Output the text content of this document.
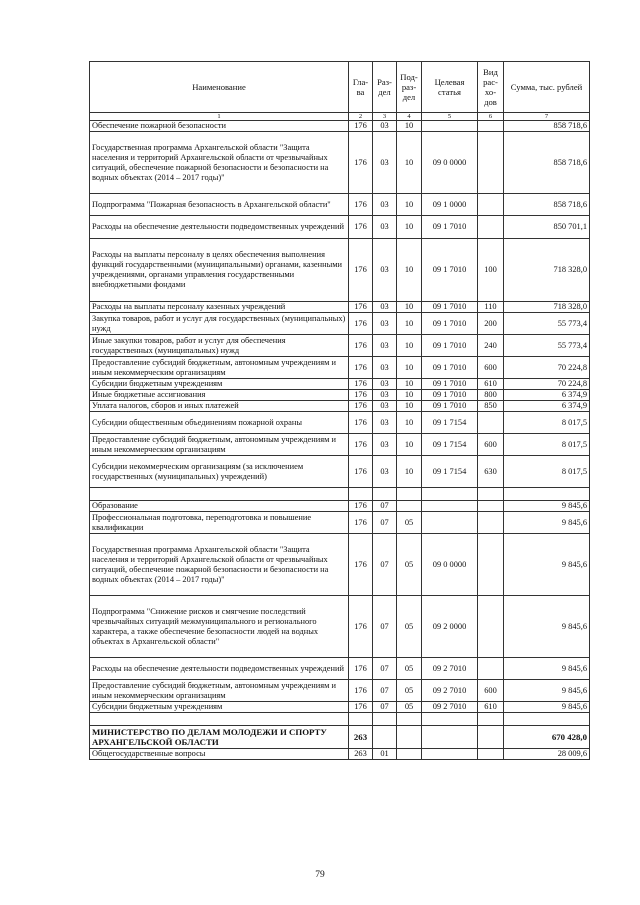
Наименование	Гла-ва	Раз-дел	Под-раз-дел	Целевая статья	Вид рас-хо-дов	Сумма, тыс. рублей
1	2	3	4	5	6	7
Обеспечение пожарной безопасности	176	03	10			858 718,6
Государственная программа Архангельской области "Защита населения и территорий Архангельской области от чрезвычайных ситуаций, обеспечение пожарной безопасности и безопасности на водных объектах (2014 – 2017 годы)"	176	03	10	09 0 0000		858 718,6
Подпрограмма "Пожарная безопасность в Архангельской области"	176	03	10	09 1 0000		858 718,6
Расходы на обеспечение деятельности подведомственных учреждений	176	03	10	09 1 7010		850 701,1
Расходы на выплаты персоналу в целях обеспечения выполнения функций государственными (муниципальными) органами, казенными учреждениями, органами управления государственными внебюджетными фондами	176	03	10	09 1 7010	100	718 328,0
Расходы на выплаты персоналу казенных учреждений	176	03	10	09 1 7010	110	718 328,0
Закупка товаров, работ и услуг для государственных (муниципальных) нужд	176	03	10	09 1 7010	200	55 773,4
Иные закупки товаров, работ и услуг для обеспечения государственных (муниципальных) нужд	176	03	10	09 1 7010	240	55 773,4
Предоставление субсидий бюджетным, автономным учреждениям и иным некоммерческим организациям	176	03	10	09 1 7010	600	70 224,8
Субсидии бюджетным учреждениям	176	03	10	09 1 7010	610	70 224,8
Иные бюджетные ассигнования	176	03	10	09 1 7010	800	6 374,9
Уплата налогов, сборов и иных платежей	176	03	10	09 1 7010	850	6 374,9
Субсидии общественным объединениям пожарной охраны	176	03	10	09 1 7154		8 017,5
Предоставление субсидий бюджетным, автономным учреждениям и иным некоммерческим организациям	176	03	10	09 1 7154	600	8 017,5
Субсидии некоммерческим организациям (за исключением государственных (муниципальных) учреждений)	176	03	10	09 1 7154	630	8 017,5

Образование	176	07				9 845,6
Профессиональная подготовка, переподготовка и повышение квалификации	176	07	05			9 845,6
Государственная программа Архангельской области "Защита населения и территорий Архангельской области от чрезвычайных ситуаций, обеспечение пожарной безопасности и безопасности на водных объектах (2014 – 2017 годы)"	176	07	05	09 0 0000		9 845,6
Подпрограмма "Снижение рисков и смягчение последствий чрезвычайных ситуаций межмуниципального и регионального характера, а также обеспечение безопасности людей на водных объектах в Архангельской области"	176	07	05	09 2 0000		9 845,6
Расходы на обеспечение деятельности подведомственных учреждений	176	07	05	09 2 7010		9 845,6
Предоставление субсидий бюджетным, автономным учреждениям и иным некоммерческим организациям	176	07	05	09 2 7010	600	9 845,6
Субсидии бюджетным учреждениям	176	07	05	09 2 7010	610	9 845,6

МИНИСТЕРСТВО ПО ДЕЛАМ МОЛОДЕЖИ И СПОРТУ АРХАНГЕЛЬСКОЙ ОБЛАСТИ	263					670 428,0
Общегосударственные вопросы	263	01				28 009,6
79
